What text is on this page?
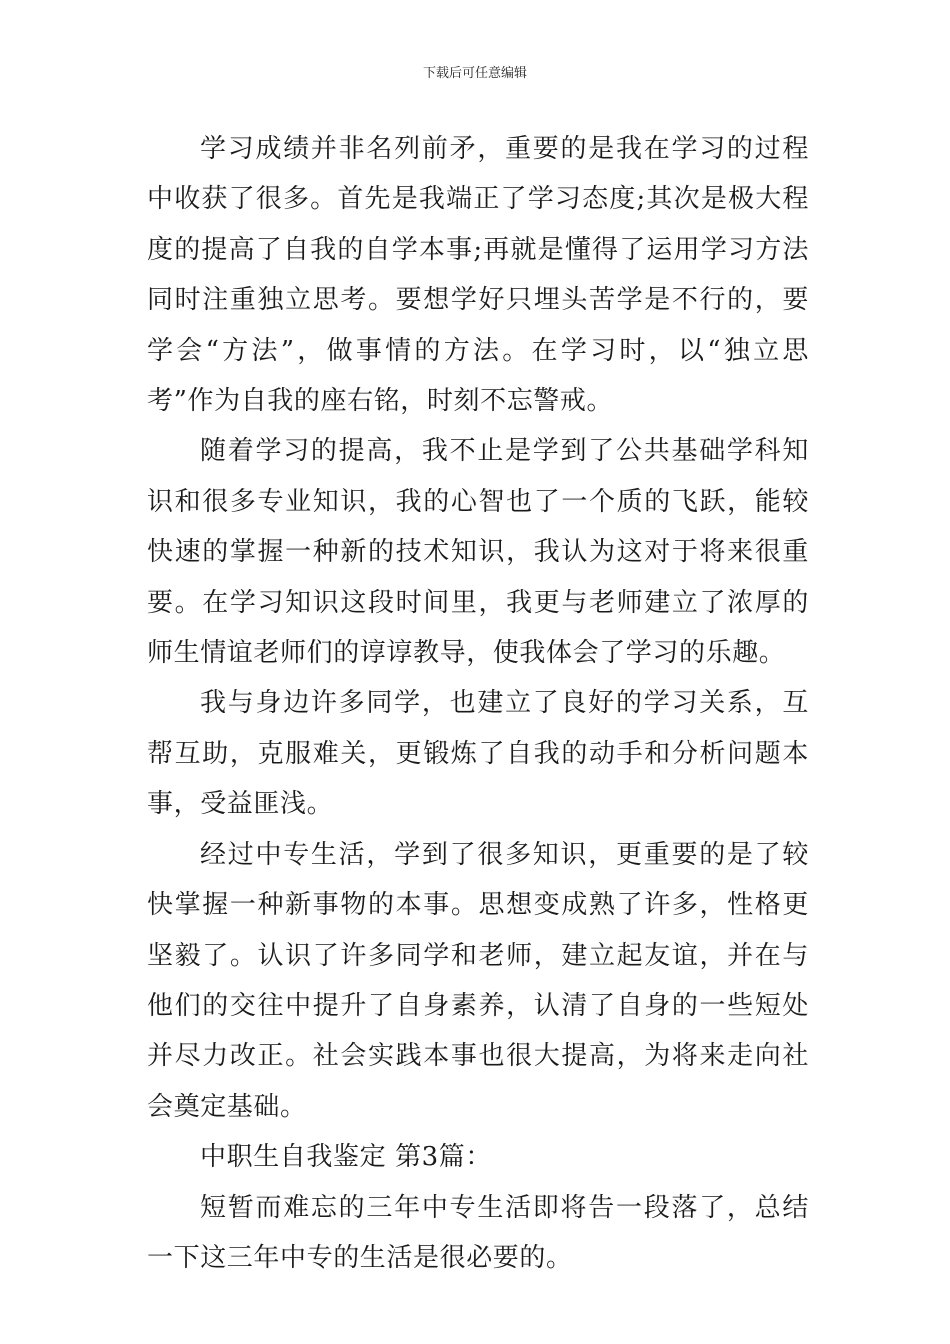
下载后可任意编辑

学习成绩并非名列前矛，重要的是我在学习的过程中收获了很多。首先是我端正了学习态度;其次是极大程度的提高了自我的自学本事;再就是懂得了运用学习方法同时注重独立思考。要想学好只埋头苦学是不行的，要学会“方法”，做事情的方法。在学习时，以“独立思考”作为自我的座右铭，时刻不忘警戒。

随着学习的提高，我不止是学到了公共基础学科知识和很多专业知识，我的心智也了一个质的飞跃，能较快速的掌握一种新的技术知识，我认为这对于将来很重要。在学习知识这段时间里，我更与老师建立了浓厚的师生情谊老师们的谆谆教导，使我体会了学习的乐趣。

我与身边许多同学，也建立了良好的学习关系，互帮互助，克服难关，更锻炼了自我的动手和分析问题本事，受益匪浅。

经过中专生活，学到了很多知识，更重要的是了较快掌握一种新事物的本事。思想变成熟了许多，性格更坚毅了。认识了许多同学和老师，建立起友谊，并在与他们的交往中提升了自身素养，认清了自身的一些短处并尽力改正。社会实践本事也很大提高，为将来走向社会奠定基础。

中职生自我鉴定 第3篇：

短暂而难忘的三年中专生活即将告一段落了，总结一下这三年中专的生活是很必要的。
